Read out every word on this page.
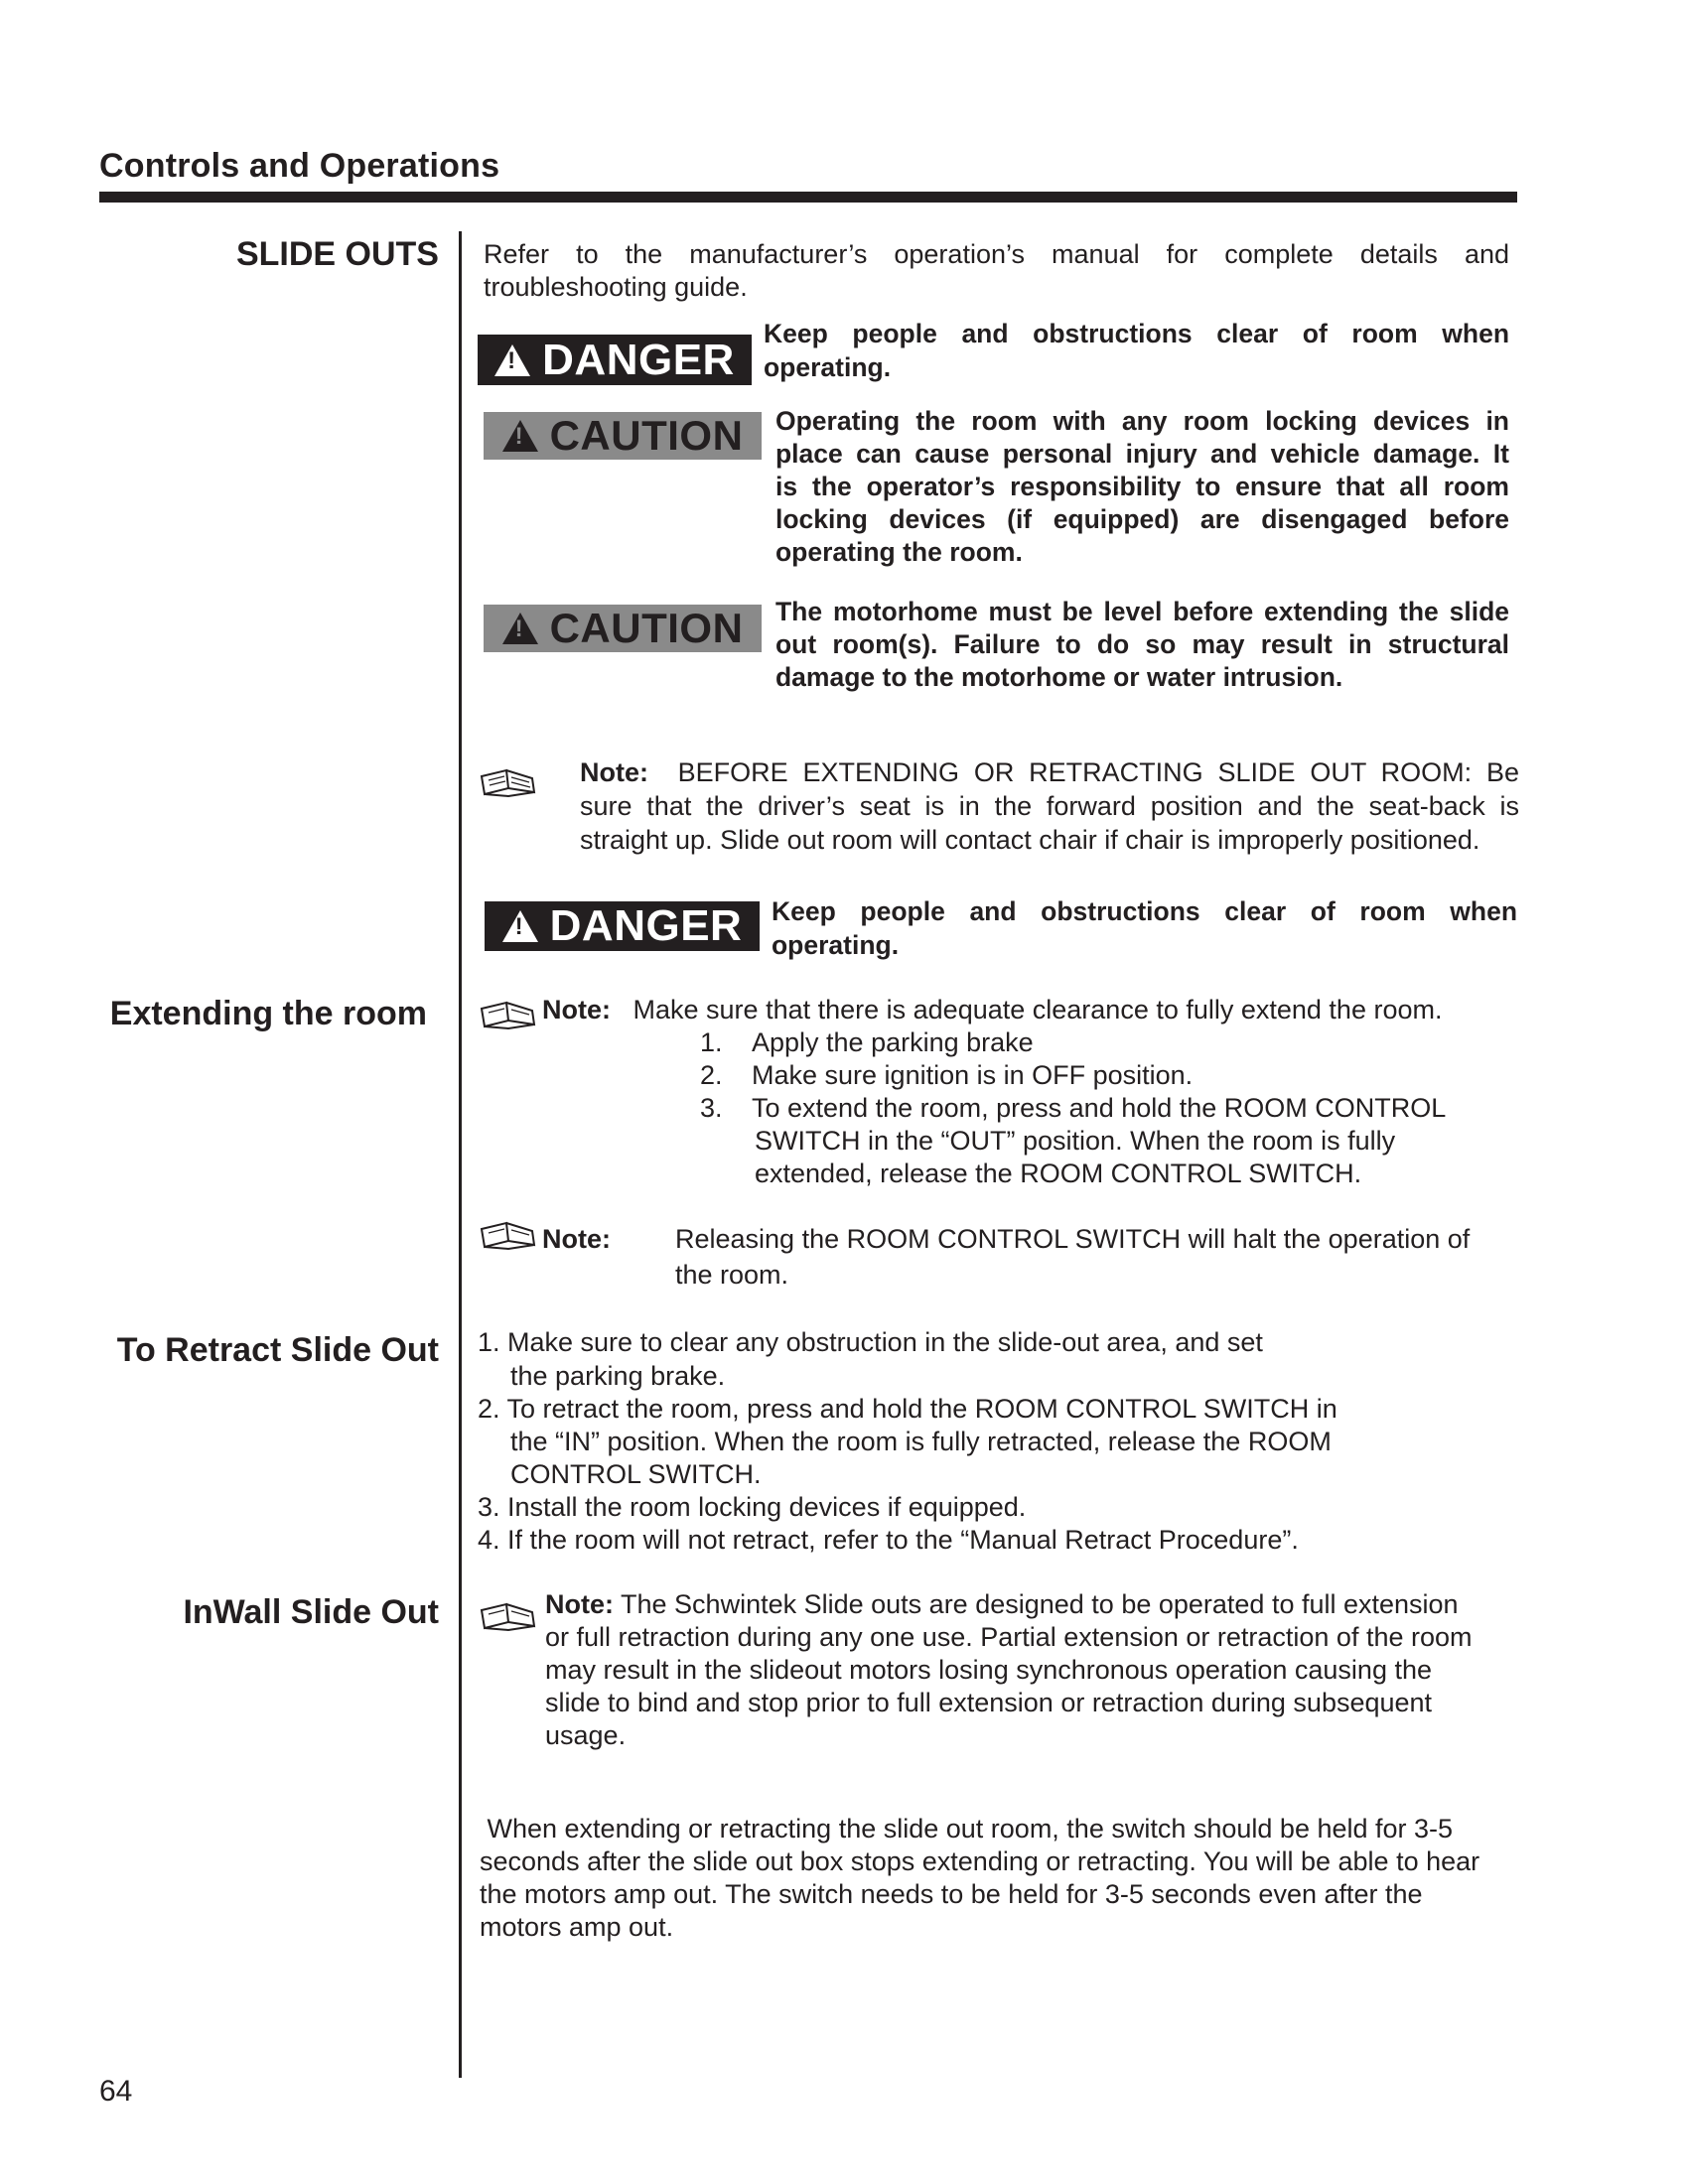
Controls and Operations
SLIDE OUTS Refer to the manufacturer’s operation’s manual for complete details and
troubleshooting guide.
!
DANGER
Keep people and obstructions clear of room when
operating.
!
CAUTION Operating the room with any room locking devices in
place can cause personal injury and vehicle damage. It
is the operator’s responsibility to ensure that all room
locking devices (if equipped) are disengaged before
operating the room.
!
CAUTION The motorhome must be level before extending the slide
out room(s). Failure to do so may result in structural
damage to the motorhome or water intrusion.
Note: BEFORE EXTENDING OR RETRACTING SLIDE OUT ROOM: Be
sure that the driver’s seat is in the forward position and the seat-back is
straight up. Slide out room will contact chair if chair is improperly positioned.
!
DANGER Keep people and obstructions clear of room when
operating.
Extending the room	Note: Make sure that there is adequate clearance to fully extend the room.
1. Apply the parking brake
2. Make sure ignition is in OFF position.
3. To extend the room, press and hold the ROOM CONTROL
SWITCH in the “OUT” position. When the room is fully
extended, release the ROOM CONTROL SWITCH.
Note: Releasing the ROOM CONTROL SWITCH will halt the operation of
the room.
To Retract Slide Out 1. Make sure to clear any obstruction in the slide-out area, and set
the parking brake.
2. To retract the room, press and hold the ROOM CONTROL SWITCH in
the “IN” position. When the room is fully retracted, release the ROOM
CONTROL SWITCH.
3. Install the room locking devices if equipped.
4. If the room will not retract, refer to the “Manual Retract Procedure”.
InWall Slide Out	Note: The Schwintek Slide outs are designed to be operated to full extension
or full retraction during any one use. Partial extension or retraction of the room
may result in the slideout motors losing synchronous operation causing the
slide to bind and stop prior to full extension or retraction during subsequent
usage.
When extending or retracting the slide out room, the switch should be held for 3-5
seconds after the slide out box stops extending or retracting. You will be able to hear
the motors amp out. The switch needs to be held for 3-5 seconds even after the
motors amp out.
64
